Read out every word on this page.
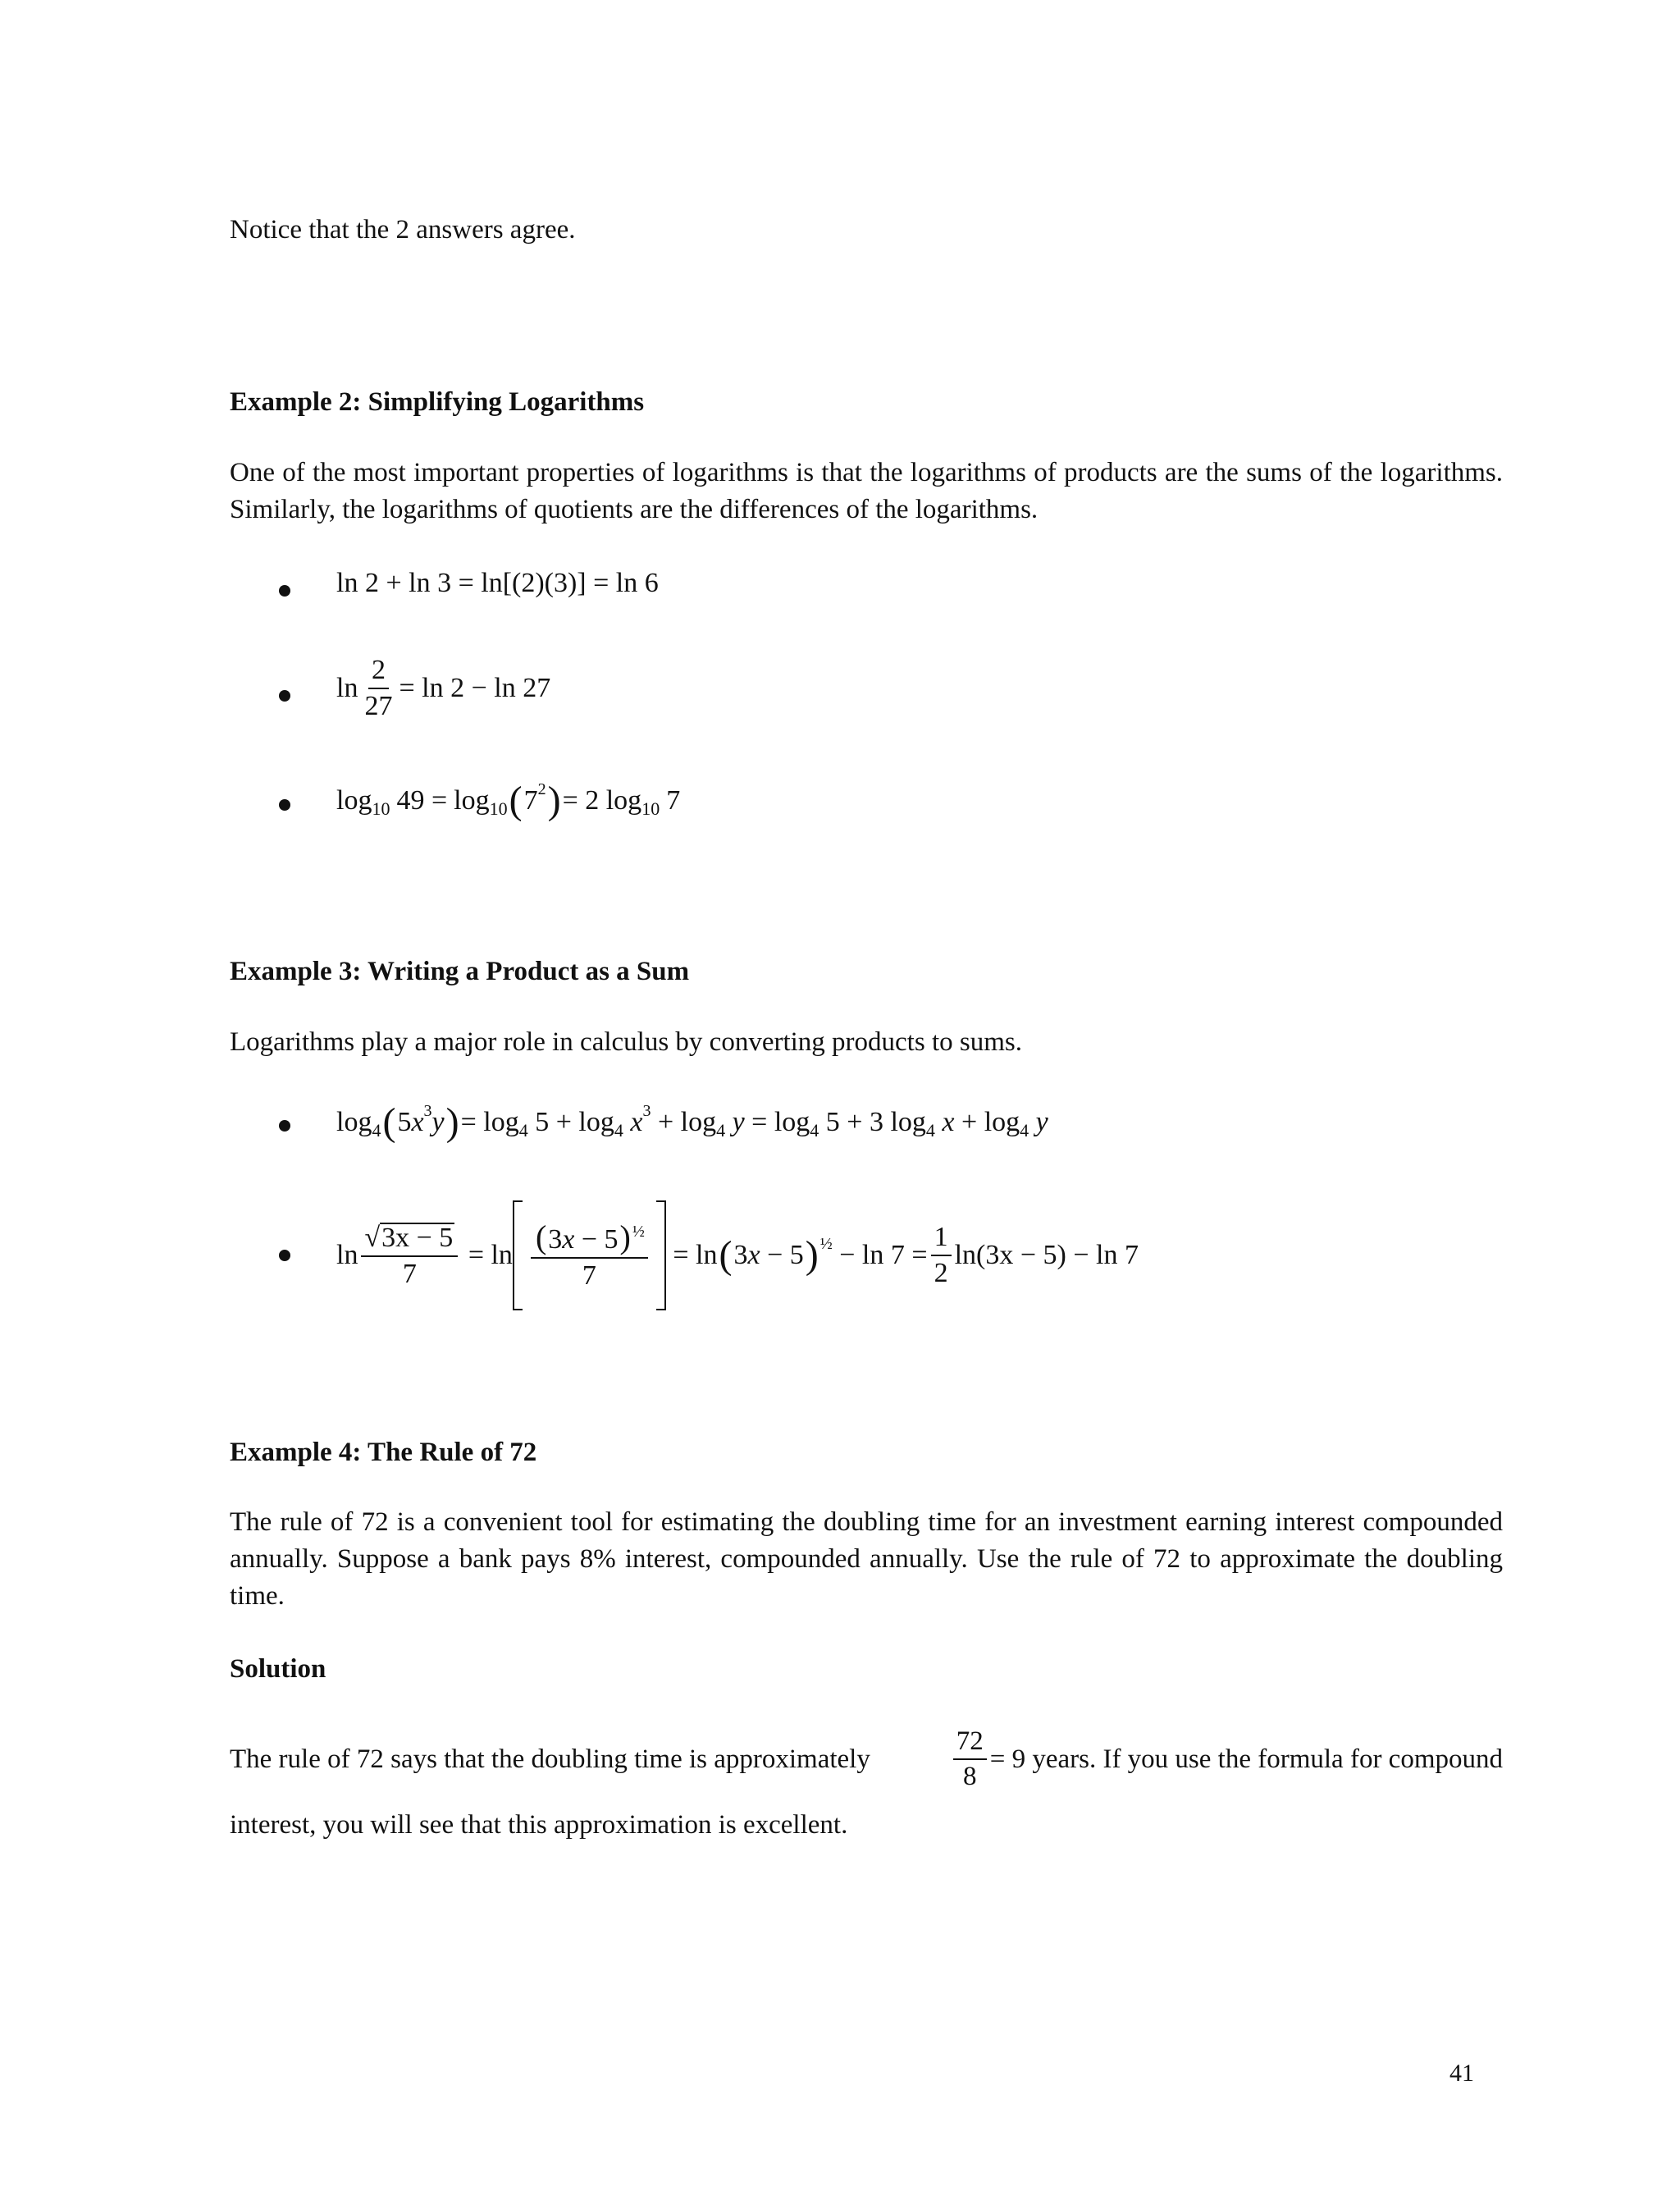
Notice that the 2 answers agree.
Example 2: Simplifying Logarithms
One of the most important properties of logarithms is that the logarithms of products are the sums of the logarithms. Similarly, the logarithms of quotients are the differences of the logarithms.
ln 2 + ln 3 = ln[(2)(3)] = ln 6
$\ln \frac{2}{27} = \ln 2 - \ln 27$
log 10 49 = log 10 ( 7 2 ) = 2 log 10 7
Example 3: Writing a Product as a Sum
Logarithms play a major role in calculus by converting products to sums.
log 4 ( 5x 3 y ) = log 4 5 + log 4 x 3 + log 4 y = log 4 5 + 3 log 4 x + log 4 y
$\ln \frac{√ 3x - 5}{7} = \ln \frac{(3x - 5) ^{\frac{1}{2}}}{7} = \ln$ ( 3x − 5 ) ½
− $\ln 7 = \frac{1}{2} \ln(3x - 5) - \ln 7$
Example 4: The Rule of 72
The rule of 72 is a convenient tool for estimating the doubling time for an investment earning interest compounded annually. Suppose a bank pays 8% interest, compounded annually. Use the rule of 72 to approximate the doubling time.
Solution
The rule of 72 says that the doubling time is approximately	$\frac{72}{8} = 9$ years. If you use the formula for compound
interest, you will see that this approximation is excellent.
41
